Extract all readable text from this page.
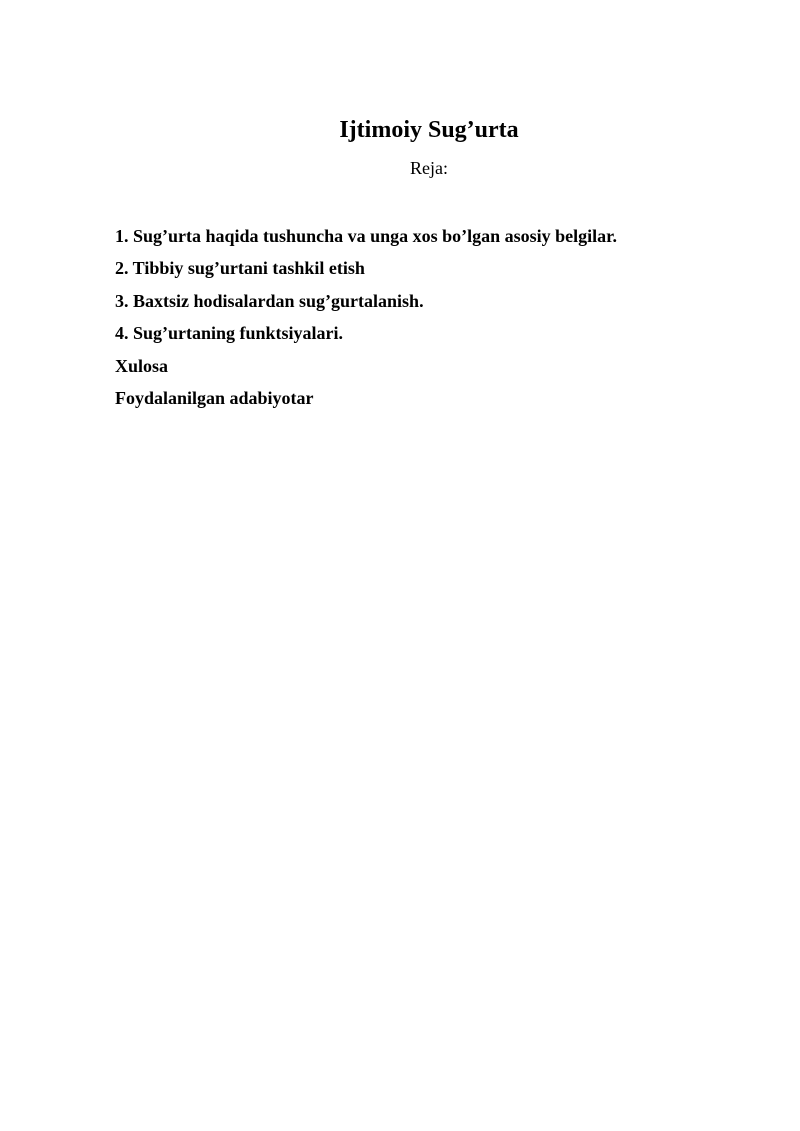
Ijtimoiy Sug’urta
Reja:
1. Sug’urta haqida tushuncha va unga xos bo’lgan asosiy belgilar.
2. Tibbiy sug’urtani tashkil etish
3. Baxtsiz hodisalardan sug’gurtalanish.
4. Sug’urtaning funktsiyalari.
Xulosa
Foydalanilgan adabiyotar
